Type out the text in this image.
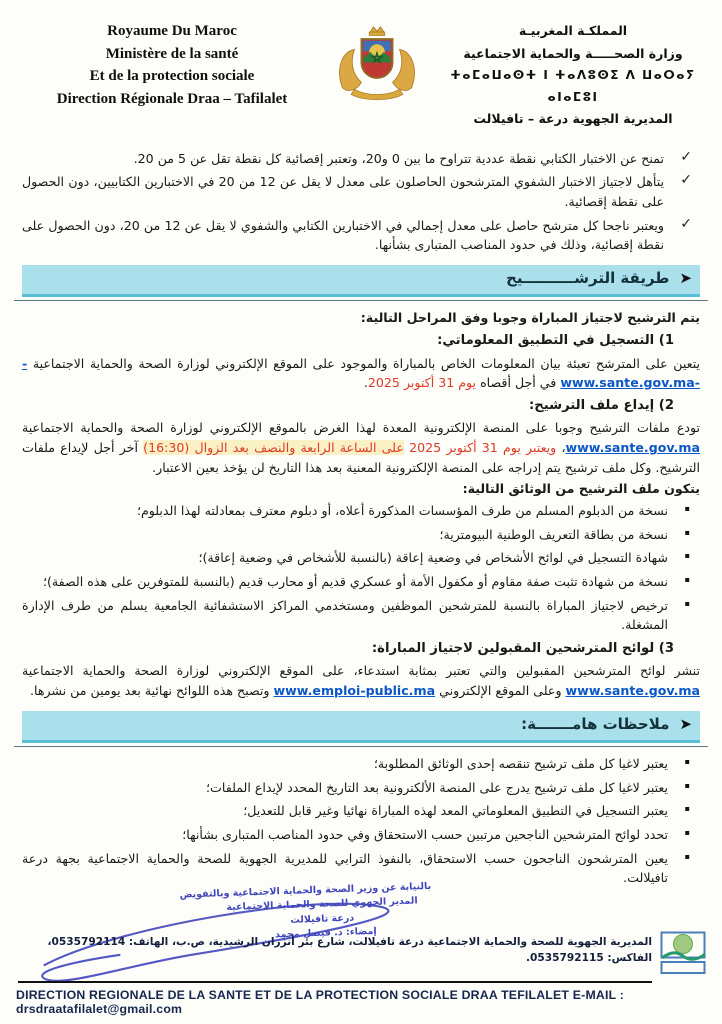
Royaume Du Maroc
Ministère de la santé
Et de la protection sociale
Direction Régionale Draa – Tafilalet
المملكـة المغربيـة
وزارة الصحـــــة والحماية الاجتماعية
ⵜⴰⵎⴰⵡⴰⵙⵜ ⵏ ⵜⴰⴷⵓⵙⵉ ⴷ ⵡⴰⵔⴰⵢ ⴰⵏⴰⵎⵓⵏ
المديرية الجهوية درعة – تافيلالت
✓
تمنح عن الاختبار الكتابي نقطة عددية تتراوح ما بين 0 و20، وتعتبر إقصائية كل نقطة تقل عن 5 من 20.
✓
يتأهل لاجتياز الاختبار الشفوي المترشحون الحاصلون على معدل لا يقل عن 12 من 20 في الاختبارين الكتابيين، دون الحصول على نقطة إقصائية.
✓
ويعتبر ناجحا كل مترشح حاصل على معدل إجمالي في الاختبارين الكتابي والشفوي لا يقل عن 12 من 20، دون الحصول على نقطة إقصائية، وذلك في حدود المناصب المتبارى بشأنها.
➤
طريقة الترشــــــــــيح

يتم الترشيح لاجتياز المباراة وجوبا وفق المراحل التالية:

1) التسجيل في التطبيق المعلوماتي:

يتعين على المترشح تعبئة بيان المعلومات الخاص بالمباراة والموجود على الموقع الإلكتروني لوزارة الصحة والحماية الاجتماعية -www.sante.gov.ma- في أجل أقصاه يوم 31 أكتوبر 2025.

2) إيداع ملف الترشيح:

تودع ملفات الترشيح وجوبا على المنصة الإلكترونية المعدة لهذا الغرض بالموقع الإلكتروني لوزارة الصحة والحماية الاجتماعية www.sante.gov.ma، ويعتبر يوم 31 أكتوبر 2025 على الساعة الرابعة والنصف بعد الزوال (16:30) آخر أجل لإيداع ملفات الترشيح. وكل ملف ترشيح يتم إدراجه على المنصة الإلكترونية المعنية بعد هذا التاريخ لن يؤخذ بعين الاعتبار.

يتكون ملف الترشيح من الوثائق التالية:
▪
نسخة من الدبلوم المسلم من طرف المؤسسات المذكورة أعلاه، أو دبلوم معترف بمعادلته لهذا الدبلوم؛
▪
نسخة من بطاقة التعريف الوطنية البيومترية؛
▪
شهادة التسجيل في لوائح الأشخاص في وضعية إعاقة (بالنسبة للأشخاص في وضعية إعاقة)؛
▪
نسخة من شهادة تثبت صفة مقاوم أو مكفول الأمة أو عسكري قديم أو محارب قديم (بالنسبة للمتوفرين على هذه الصفة)؛
▪
ترخيص لاجتياز المباراة بالنسبة للمترشحين الموظفين ومستخدمي المراكز الاستشفائية الجامعية يسلم من طرف الإدارة المشغلة.
3) لوائح المترشحين المقبولين لاجتياز المباراة:

تنشر لوائح المترشحين المقبولين والتي تعتبر بمثابة استدعاء، على الموقع الإلكتروني لوزارة الصحة والحماية الاجتماعية www.sante.gov.ma وعلى الموقع الإلكتروني www.emploi-public.ma وتصبح هذه اللوائح نهائية بعد يومين من نشرها.

➤
ملاحظات هامـــــــة:
▪
يعتبر لاغيا كل ملف ترشيح تنقصه إحدى الوثائق المطلوبة؛
▪
يعتبر لاغيا كل ملف ترشيح يدرج على المنصة الألكترونية بعد التاريخ المحدد لإيداع الملفات؛
▪
يعتبر التسجيل في التطبيق المعلوماتي المعد لهذه المباراة نهائيا وغير قابل للتعديل؛
▪
تحدد لوائح المترشحين الناجحين مرتبين حسب الاستحقاق وفي حدود المناصب المتبارى بشأنها؛
▪
يعين المترشحون الناجحون حسب الاستحقاق، بالنفوذ الترابي للمديرية الجهوية للصحة والحماية الاجتماعية بجهة درعة تافيلالت.
بالنيابة عن وزير الصحة والحماية الاجتماعية وبالتفويض
المدير الجهوي للصحة والحماية الاجتماعية
درعة تافيلالت
إمضاء: د. فيصل محمد
المديرية الجهوية للصحة والحماية الاجتماعية درعة تافيلالت، شارع بئر أنزران الرشيدية، ص.ب، الهاتف: 0535792114، الفاكس: 0535792115.
DIRECTION REGIONALE DE LA SANTE ET DE LA PROTECTION SOCIALE DRAA TEFILALET E-MAIL : drsdraatafilalet@gmail.com
